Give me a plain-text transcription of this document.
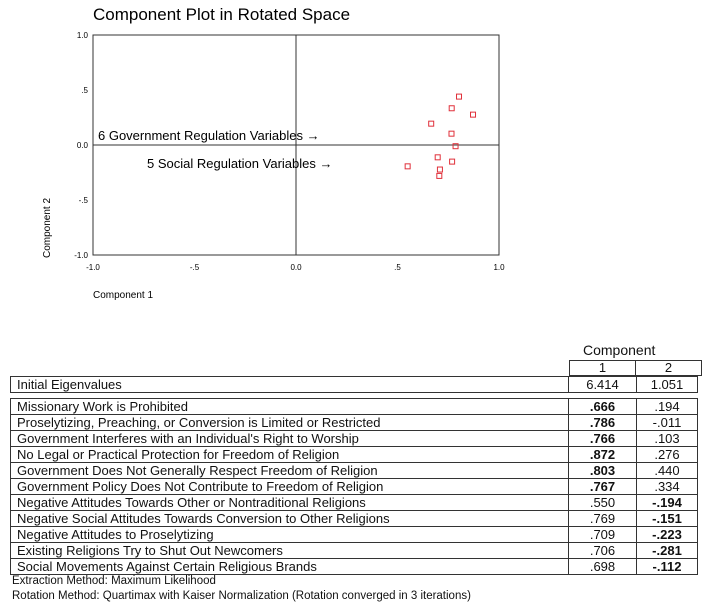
Component Plot in Rotated Space
-1.0	-.5	0.0	.5	1.0
1.0
.5
0.0
-.5
-1.0
6 Government Regulation Variables →
5 Social Regulation Variables →
Component 1
Component 2
Component
1	2
Initial Eigenvalues	6.414	1.051
Missionary Work is Prohibited	.666	.194
Proselytizing, Preaching, or Conversion is Limited or Restricted	.786	-.011
Government Interferes with an Individual's Right to Worship	.766	.103
No Legal or Practical Protection for Freedom of Religion	.872	.276
Government Does Not Generally Respect Freedom of Religion	.803	.440
Government Policy Does Not Contribute to Freedom of Religion	.767	.334
Negative Attitudes Towards Other or Nontraditional Religions	.550	-.194
Negative Social Attitudes Towards Conversion to Other Religions	.769	-.151
Negative Attitudes to Proselytizing	.709	-.223
Existing Religions Try to Shut Out Newcomers	.706	-.281
Social Movements Against Certain Religious Brands	.698	-.112
Extraction Method: Maximum Likelihood
Rotation Method: Quartimax with Kaiser Normalization (Rotation converged in 3 iterations)
